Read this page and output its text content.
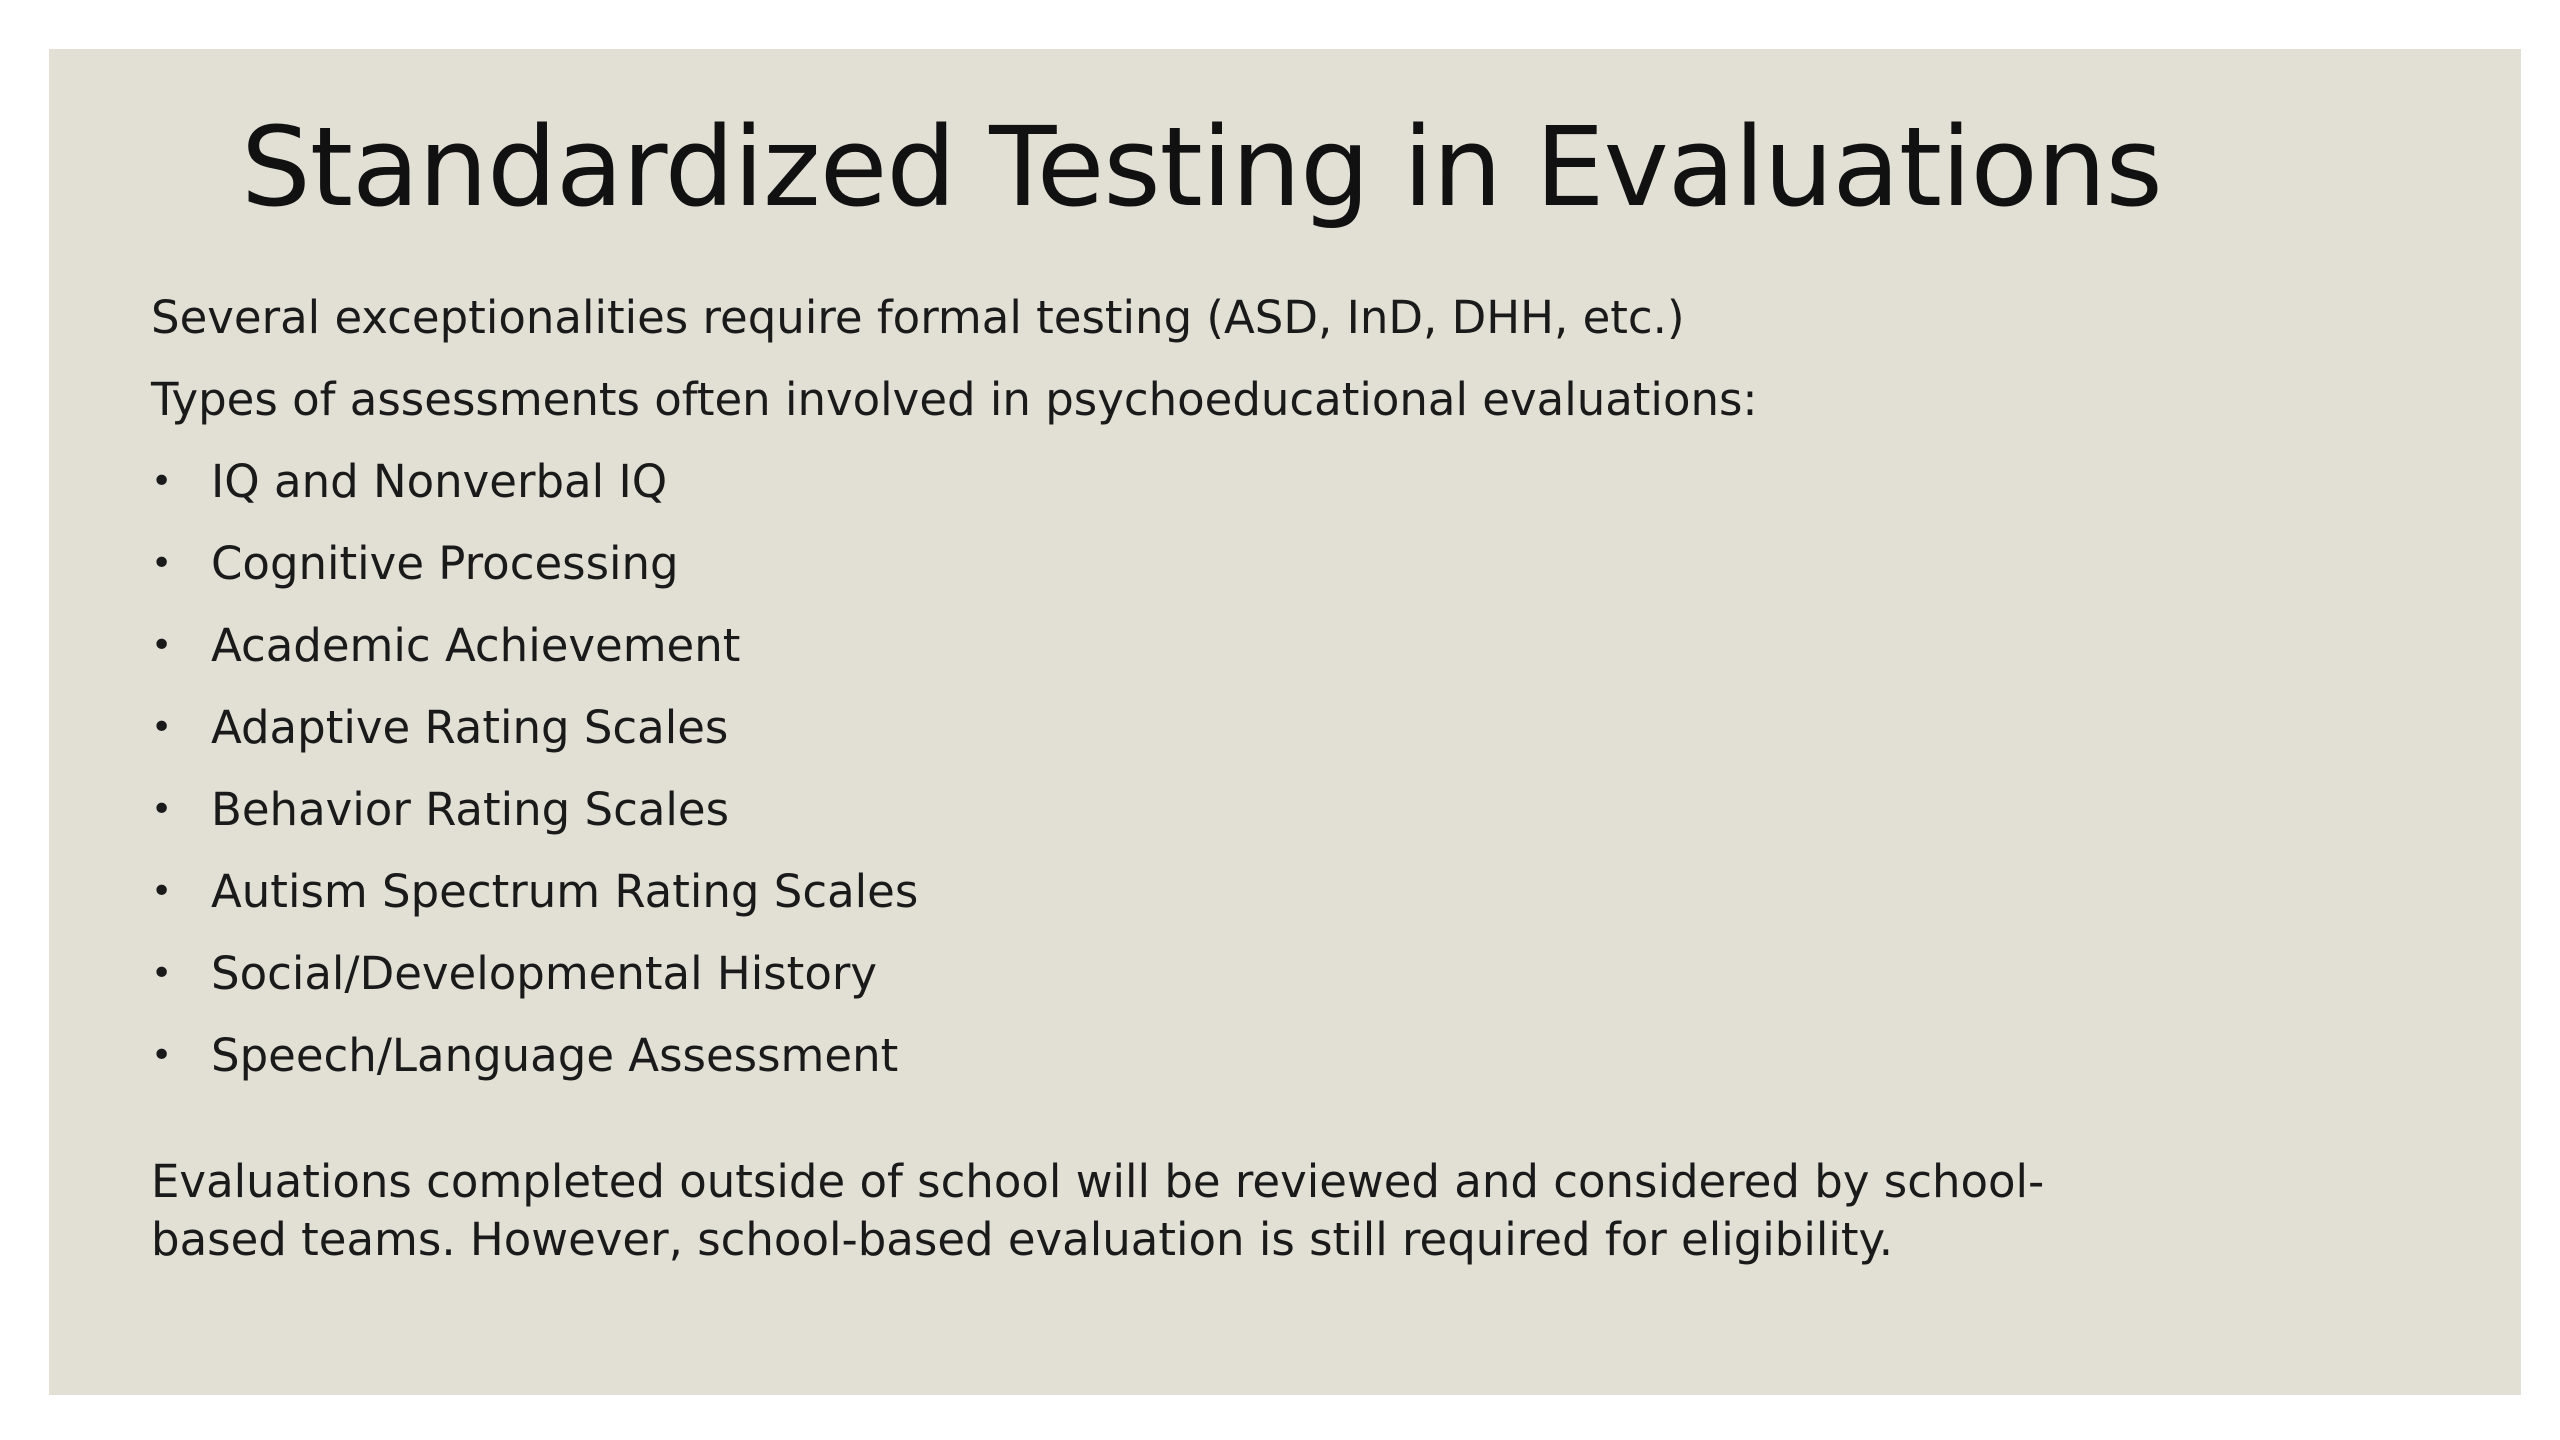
Standardized Testing in Evaluations

Several exceptionalities require formal testing (ASD, InD, DHH, etc.)

Types of assessments often involved in psychoeducational evaluations:

• IQ and Nonverbal IQ
• Cognitive Processing
• Academic Achievement
• Adaptive Rating Scales
• Behavior Rating Scales
• Autism Spectrum Rating Scales
• Social/Developmental History
• Speech/Language Assessment

Evaluations completed outside of school will be reviewed and considered by school-based teams. However, school-based evaluation is still required for eligibility.
